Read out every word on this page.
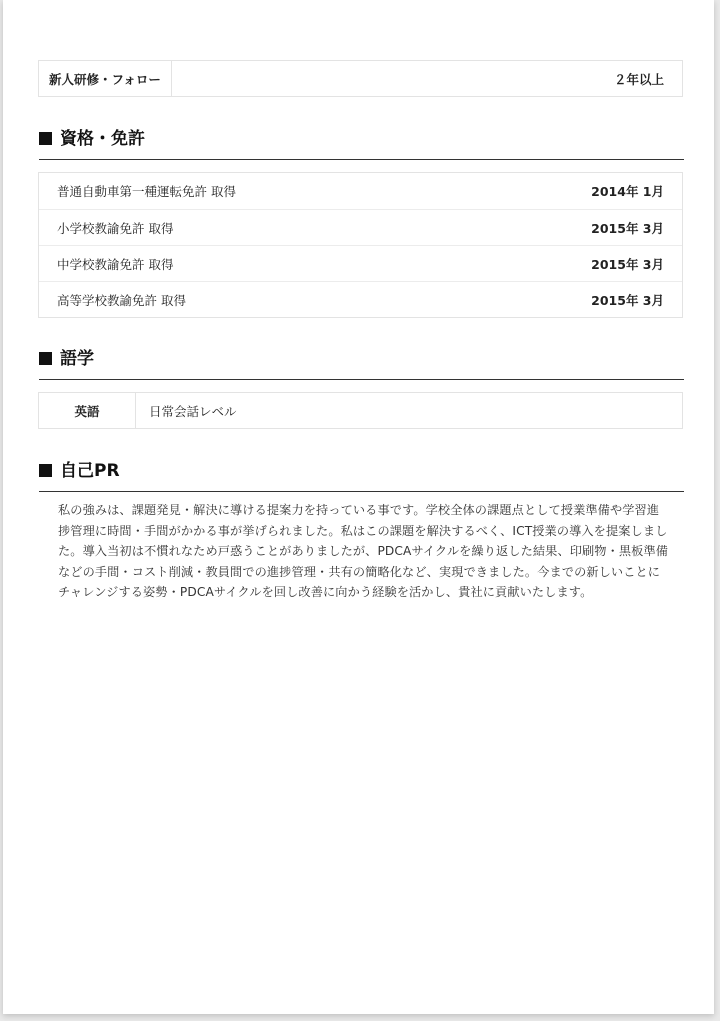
新人研修・フォロー	２年以上
資格・免許
普通自動車第一種運転免許 取得	2014年 1月
小学校教諭免許 取得	2015年 3月
中学校教諭免許 取得	2015年 3月
高等学校教諭免許 取得	2015年 3月
語学
英語	日常会話レベル
自己PR
私の強みは、課題発見・解決に導ける提案力を持っている事です。学校全体の課題点として授業準備や学習進捗管理に時間・手間がかかる事が挙げられました。私はこの課題を解決するべく、ICT授業の導入を提案しました。導入当初は不慣れなため戸惑うことがありましたが、PDCAサイクルを繰り返した結果、印刷物・黒板準備などの手間・コスト削減・教員間での進捗管理・共有の簡略化など、実現できました。今までの新しいことにチャレンジする姿勢・PDCAサイクルを回し改善に向かう経験を活かし、貴社に貢献いたします。
